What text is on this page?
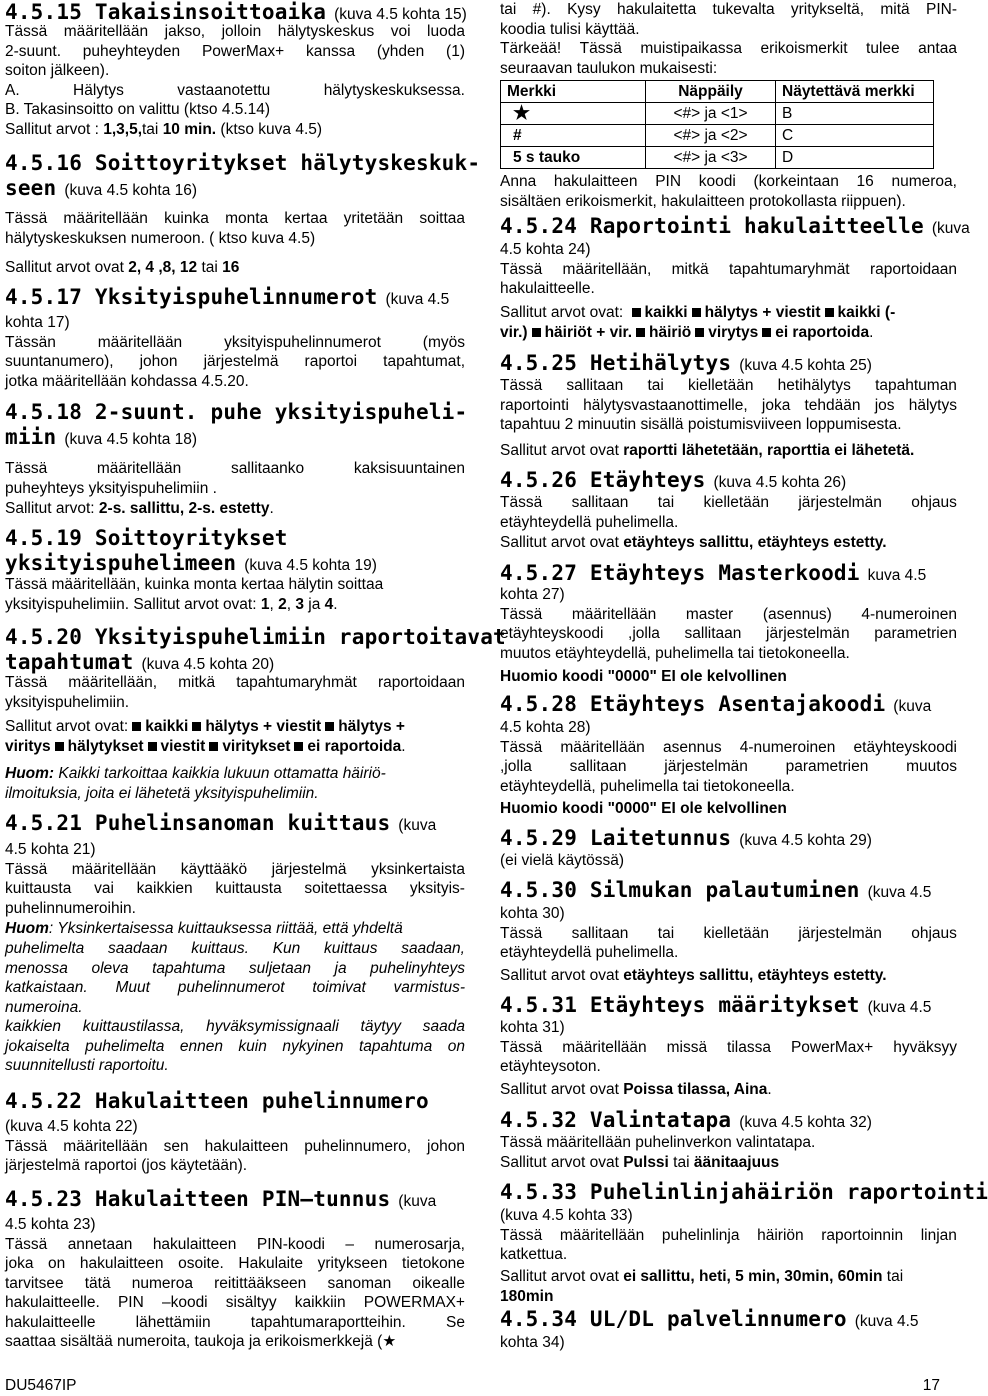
4.5.15 Takaisinsoittoaika (kuva 4.5 kohta 15)
Tässä määritellään jakso, jolloin hälytyskeskus voi luoda
2-suunt. puheyhteyden PowerMax+ kanssa (yhden (1)
soiton jälkeen).
A.	Hälytys	vastaanotettu	hälytyskeskuksessa.
B. Takasinsoitto on valittu (ktso 4.5.14)
Sallitut arvot : 1,3,5,tai 10 min. (ktso kuva 4.5)
4.5.16 Soittoyritykset hälytyskeskuk-
seen (kuva 4.5 kohta 16)
Tässä määritellään kuinka monta kertaa yritetään soittaa
hälytyskeskuksen numeroon. ( ktso kuva 4.5)
Sallitut arvot ovat 2, 4 ,8, 12 tai 16
4.5.17 Yksityispuhelinnumerot (kuva 4.5
kohta 17)
Tässän	määritellään	yksityispuhelinnumerot	(myös
suuntanumero), johon järjestelmä raportoi tapahtumat,
jotka määritellään kohdassa 4.5.20.
4.5.18 2-suunt. puhe yksityispuheli-
miin (kuva 4.5 kohta 18)
Tässä	määritellään	sallitaanko	kaksisuuntainen
puheyhteys yksityispuhelimiin .
Sallitut arvot: 2-s. sallittu, 2-s. estetty.
4.5.19 Soittoyritykset
yksityispuhelimeen (kuva 4.5 kohta 19)
Tässä määritellään, kuinka monta kertaa hälytin soittaa
yksityispuhelimiin. Sallitut arvot ovat: 1, 2, 3 ja 4.
4.5.20 Yksityispuhelimiin raportoitavat
tapahtumat (kuva 4.5 kohta 20)
Tässä määritellään, mitkä tapahtumaryhmät raportoidaan
yksityispuhelimiin.
Sallitut arvot ovat: kaikki hälytys + viestit hälytys +
viritys hälytykset viestit viritykset ei raportoida.
Huom: Kaikki tarkoittaa kaikkia lukuun ottamatta häiriö-
ilmoituksia, joita ei lähetetä yksityispuhelimiin.
4.5.21 Puhelinsanoman kuittaus (kuva
4.5 kohta 21)
Tässä määritellään käyttääkö järjestelmä yksinkertaista
kuittausta vai kaikkien kuittausta soitettaessa yksityis-
puhelinnumeroihin.
Huom: Yksinkertaisessa kuittauksessa riittää, että yhdeltä
puhelimelta saadaan kuittaus. Kun kuittaus saadaan,
menossa oleva tapahtuma suljetaan ja puhelinyhteys
katkaistaan. Muut puhelinnumerot toimivat varmistus-
numeroina.
kaikkien kuittaustilassa, hyväksymissignaali täytyy saada
jokaiselta puhelimelta ennen kuin nykyinen tapahtuma on
suunnitellusti raportoitu.
4.5.22 Hakulaitteen puhelinnumero
(kuva 4.5 kohta 22)
Tässä määritellään sen hakulaitteen puhelinnumero, johon
järjestelmä raportoi (jos käytetään).
4.5.23 Hakulaitteen PIN–tunnus (kuva
4.5 kohta 23)
Tässä annetaan hakulaitteen PIN-koodi – numerosarja,
joka on hakulaitteen osoite. Hakulaite yritykseen tietokone
tarvitsee tätä numeroa reitittääkseen sanoman oikealle
hakulaitteelle. PIN –koodi sisältyy kaikkiin POWERMAX+
hakulaitteelle	lähettämiin	tapahtumaraportteihin.	Se
saattaa sisältää numeroita, taukoja ja erikoismerkkejä (★
tai #). Kysy hakulaitetta tukevalta yritykseltä, mitä PIN-
koodia tulisi käyttää.
Tärkeää! Tässä muistipaikassa erikoismerkit tulee antaa
seuraavan taulukon mukaisesti:
Merkki	Näppäily	Näytettävä merkki
★	<#> ja <1>	B
#	<#> ja <2>	C
5 s tauko	<#> ja <3>	D
Anna hakulaitteen PIN koodi (korkeintaan 16 numeroa,
sisältäen erikoismerkit, hakulaitteen protokollasta riippuen).
4.5.24 Raportointi hakulaitteelle (kuva
4.5 kohta 24)
Tässä määritellään, mitkä tapahtumaryhmät raportoidaan
hakulaitteelle.
Sallitut arvot ovat: kaikki hälytys + viestit kaikki (-
vir.) häiriöt + vir. häiriö virytys ei raportoida.
4.5.25 Hetihälytys (kuva 4.5 kohta 25)
Tässä sallitaan tai kielletään hetihälytys tapahtuman
raportointi hälytysvastaanottimelle, joka tehdään jos hälytys
tapahtuu 2 minuutin sisällä poistumisviiveen loppumisesta.
Sallitut arvot ovat raportti lähetetään, raporttia ei lähetetä.
4.5.26 Etäyhteys (kuva 4.5 kohta 26)
Tässä sallitaan tai kielletään järjestelmän ohjaus
etäyhteydellä puhelimella.
Sallitut arvot ovat etäyhteys sallittu, etäyhteys estetty.
4.5.27 Etäyhteys Masterkoodi kuva 4.5
kohta 27)
Tässä määritellään master (asennus) 4-numeroinen
etäyhteyskoodi ,jolla sallitaan järjestelmän parametrien
muutos etäyhteydellä, puhelimella tai tietokoneella.
Huomio koodi "0000" EI ole kelvollinen
4.5.28 Etäyhteys Asentajakoodi (kuva
4.5 kohta 28)
Tässä määritellään asennus 4-numeroinen etäyhteyskoodi
,jolla sallitaan järjestelmän parametrien muutos
etäyhteydellä, puhelimella tai tietokoneella.
Huomio koodi "0000" EI ole kelvollinen
4.5.29 Laitetunnus (kuva 4.5 kohta 29)
(ei vielä käytössä)
4.5.30 Silmukan palautuminen (kuva 4.5
kohta 30)
Tässä sallitaan tai kielletään järjestelmän ohjaus
etäyhteydellä puhelimella.
Sallitut arvot ovat etäyhteys sallittu, etäyhteys estetty.
4.5.31 Etäyhteys määritykset (kuva 4.5
kohta 31)
Tässä määritellään missä tilassa PowerMax+ hyväksyy
etäyhteysoton.
Sallitut arvot ovat Poissa tilassa, Aina.
4.5.32 Valintatapa (kuva 4.5 kohta 32)
Tässä määritellään puhelinverkon valintatapa.
Sallitut arvot ovat Pulssi tai äänitaajuus
4.5.33 Puhelinlinjahäiriön raportointi
(kuva 4.5 kohta 33)
Tässä määritellään puhelinlinja häiriön raportoinnin linjan
katkettua.
Sallitut arvot ovat ei sallittu, heti, 5 min, 30min, 60min tai
180min
4.5.34 UL/DL palvelinnumero (kuva 4.5
kohta 34)
DU5467IP	17
